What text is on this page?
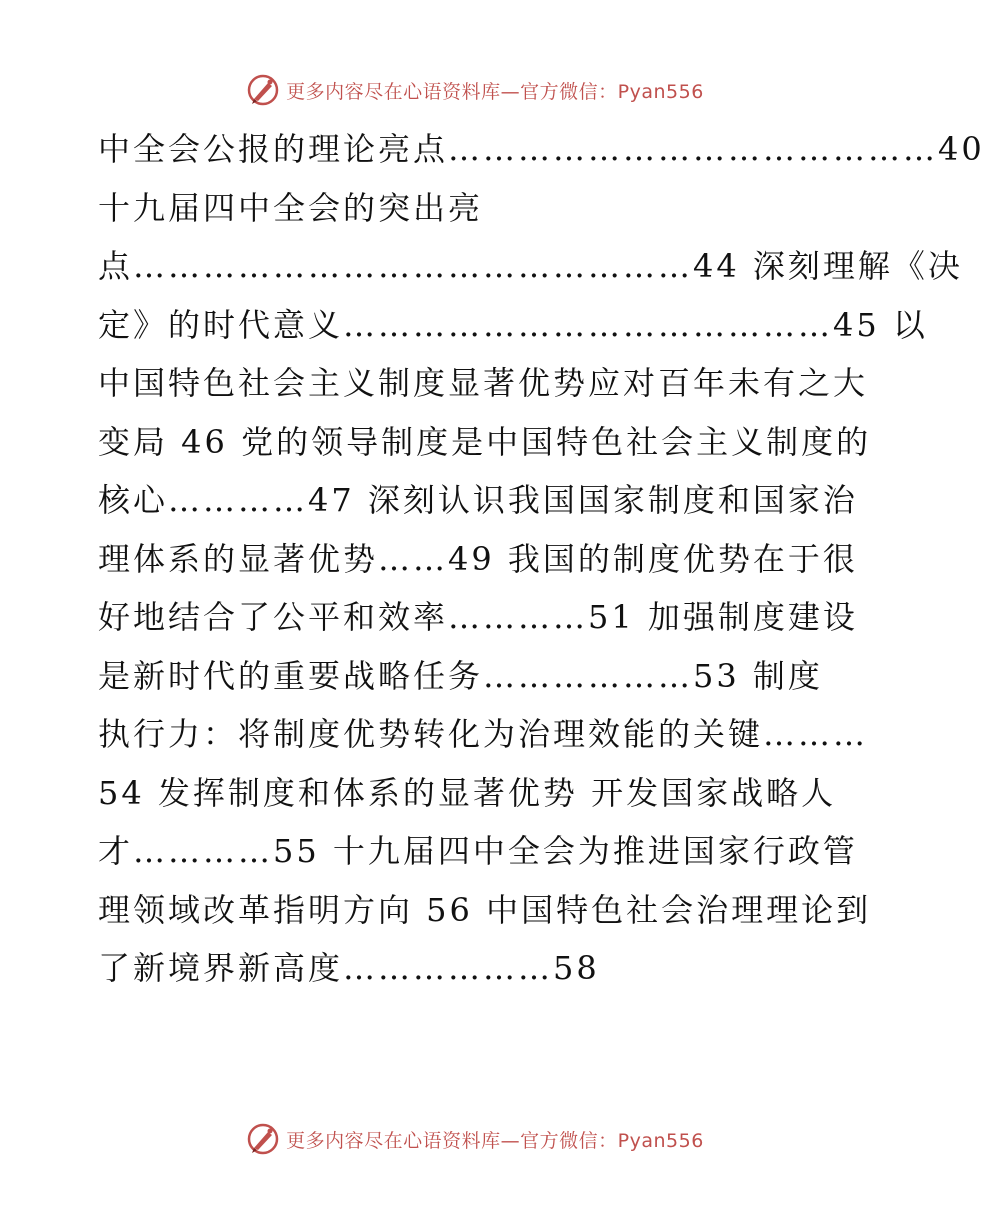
更多内容尽在心语资料库—官方微信：Pyan556
中全会公报的理论亮点……………………………………40
十九届四中全会的突出亮
点…………………………………………44 深刻理解《决
定》的时代意义……………………………………45 以
中国特色社会主义制度显著优势应对百年未有之大
变局 46 党的领导制度是中国特色社会主义制度的
核心…………47 深刻认识我国国家制度和国家治
理体系的显著优势……49 我国的制度优势在于很
好地结合了公平和效率…………51 加强制度建设
是新时代的重要战略任务………………53 制度
执行力：将制度优势转化为治理效能的关键………
54 发挥制度和体系的显著优势 开发国家战略人
才…………55 十九届四中全会为推进国家行政管
理领域改革指明方向 56 中国特色社会治理理论到
了新境界新高度………………58
更多内容尽在心语资料库—官方微信：Pyan556
